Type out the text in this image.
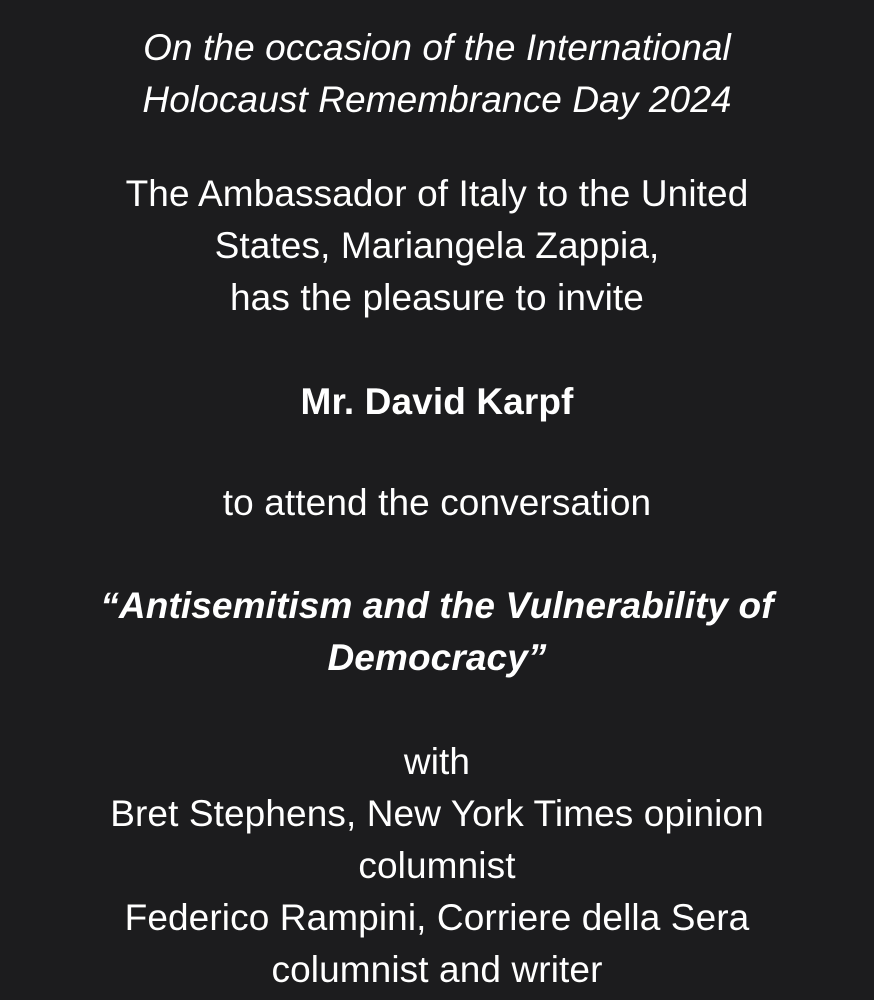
On the occasion of the International
Holocaust Remembrance Day 2024
The Ambassador of Italy to the United
States, Mariangela Zappia,
has the pleasure to invite
Mr. David Karpf
to attend the conversation
“Antisemitism and the Vulnerability of
Democracy”
with
Bret Stephens, New York Times opinion
columnist
Federico Rampini, Corriere della Sera
columnist and writer
